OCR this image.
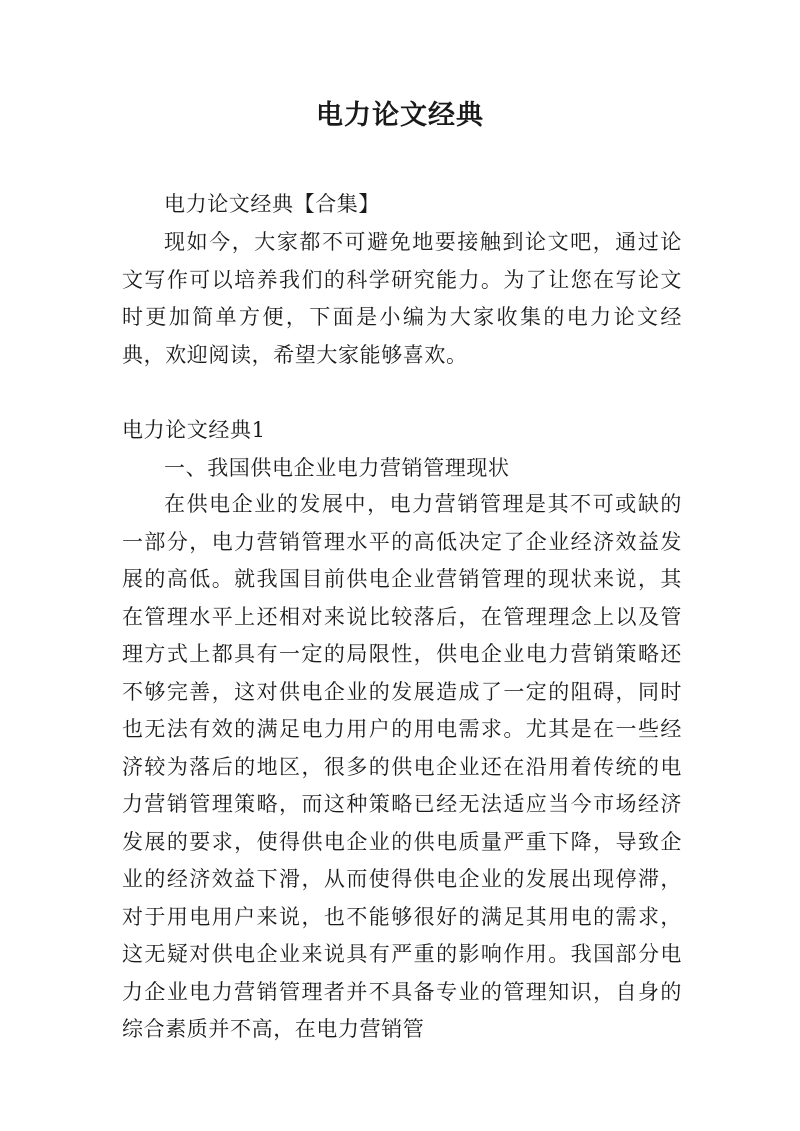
电力论文经典

电力论文经典【合集】

现如今，大家都不可避免地要接触到论文吧，通过论文写作可以培养我们的科学研究能力。为了让您在写论文时更加简单方便，下面是小编为大家收集的电力论文经典，欢迎阅读，希望大家能够喜欢。

电力论文经典1

一、我国供电企业电力营销管理现状

在供电企业的发展中，电力营销管理是其不可或缺的一部分，电力营销管理水平的高低决定了企业经济效益发展的高低。就我国目前供电企业营销管理的现状来说，其在管理水平上还相对来说比较落后，在管理理念上以及管理方式上都具有一定的局限性，供电企业电力营销策略还不够完善，这对供电企业的发展造成了一定的阻碍，同时也无法有效的满足电力用户的用电需求。尤其是在一些经济较为落后的地区，很多的供电企业还在沿用着传统的电力营销管理策略，而这种策略已经无法适应当今市场经济发展的要求，使得供电企业的供电质量严重下降，导致企业的经济效益下滑，从而使得供电企业的发展出现停滞，对于用电用户来说，也不能够很好的满足其用电的需求，这无疑对供电企业来说具有严重的影响作用。我国部分电力企业电力营销管理者并不具备专业的管理知识，自身的综合素质并不高，在电力营销管
